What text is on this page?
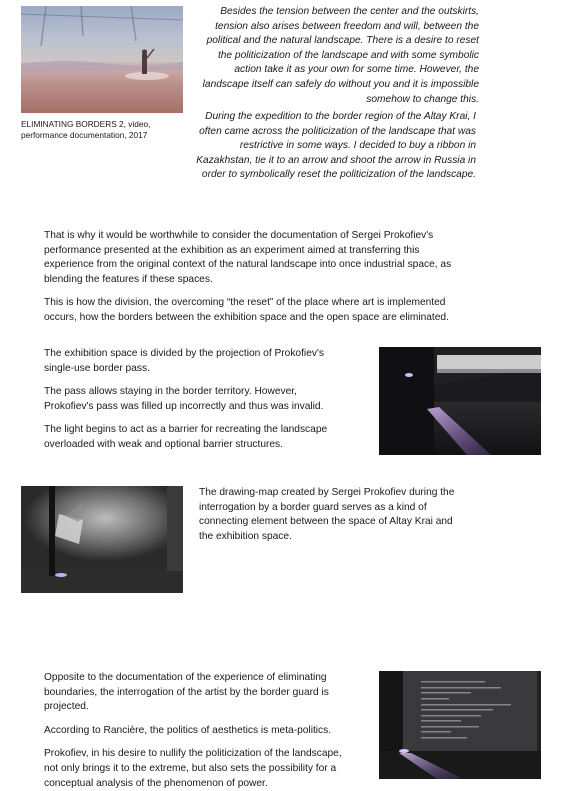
ELIMINATING BORDERS 2, video, performance documentation, 2017
Besides the tension between the center and the outskirts, tension also arises between freedom and will, between the political and the natural landscape. There is a desire to reset the politicization of the landscape and with some symbolic action take it as your own for some time. However, the landscape itself can safely do without you and it is impossible somehow to change this.
During the expedition to the border region of the Altay Krai, I often came across the politicization of the landscape that was restrictive in some ways. I decided to buy a ribbon in Kazakhstan, tie it to an arrow and shoot the arrow in Russia in order to symbolically reset the politicization of the landscape.

That is why it would be worthwhile to consider the documentation of Sergei Prokofiev's performance presented at the exhibition as an experiment aimed at transferring this experience from the original context of the natural landscape into once industrial space, as blending the features if these spaces.

This is how the division, the overcoming “the reset” of the place where art is implemented occurs, how the borders between the exhibition space and the open space are eliminated.

The exhibition space is divided by the projection of Prokofiev's single-use border pass.

The pass allows staying in the border territory. However, Prokofiev's pass was filled up incorrectly and thus was invalid.

The light begins to act as a barrier for recreating the landscape overloaded with weak and optional barrier structures.

The drawing-map created by Sergei Prokofiev during the interrogation by a border guard serves as a kind of connecting element between the space of Altay Krai and the exhibition space.

Opposite to the documentation of the experience of eliminating boundaries, the interrogation of the artist by the border guard is projected.

According to Rancière, the politics of aesthetics is meta-politics.

Prokofiev, in his desire to nullify the politicization of the landscape, not only brings it to the extreme, but also sets the possibility for a conceptual analysis of the phenomenon of power.
